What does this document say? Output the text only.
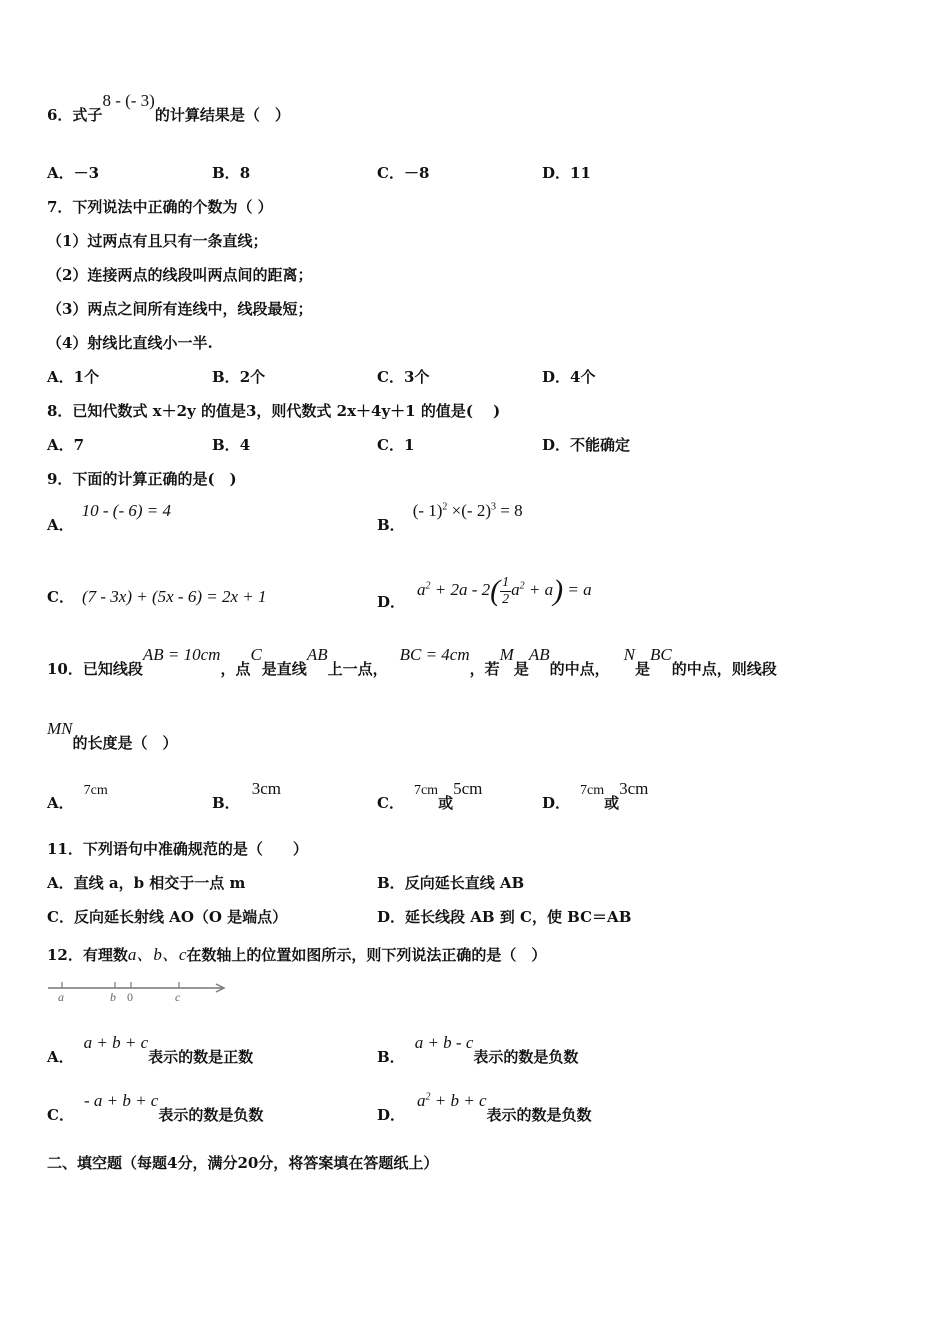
6．式子8 - (- 3)的计算结果是（　）
A．－3	B．8	C．－8	D．11
7．下列说法中正确的个数为（ ）
（1）过两点有且只有一条直线；
（2）连接两点的线段叫两点间的距离；
（3）两点之间所有连线中，线段最短；
（4）射线比直线小一半.
A．1个	B．2个	C．3个	D．4个
8．已知代数式 x＋2y 的值是3，则代数式 2x＋4y＋1 的值是(　 )
A．7	B．4	C．1	D．不能确定
9．下面的计算正确的是(　)
A．10 - (- 6) = 4
B．(- 1)$^2$ ×(- 2)$^3$ = 8
C． (7 - 3x) + (5x - 6) = 2x + 1	D．$a^2 + 2a - 2( \frac{1}{2} a^2 + a) = a$
10．已知线段AB = 10cm，点C是直线AB上一点，BC = 4cm，若M是AB的中点，N是BC的中点，则线段
MN的长度是（　）
A．7cm
B．3cm
C．7cm或5cm
D．7cm或3cm
11．下列语句中准确规范的是（　　）
A．直线 a，b 相交于一点 m	B．反向延长直线 AB
C．反向延长射线 AO（O 是端点）	D．延长线段 AB 到 C，使 BC＝AB
12．有理数a、b、c在数轴上的位置如图所示，则下列说法正确的是（　）
a	b 0	c
A．a + b + c表示的数是正数	B．a + b - c表示的数是负数
C．- a + b + c表示的数是负数	D．$a^2 + b + c$表示的数是负数
二、填空题（每题4分，满分20分，将答案填在答题纸上）
